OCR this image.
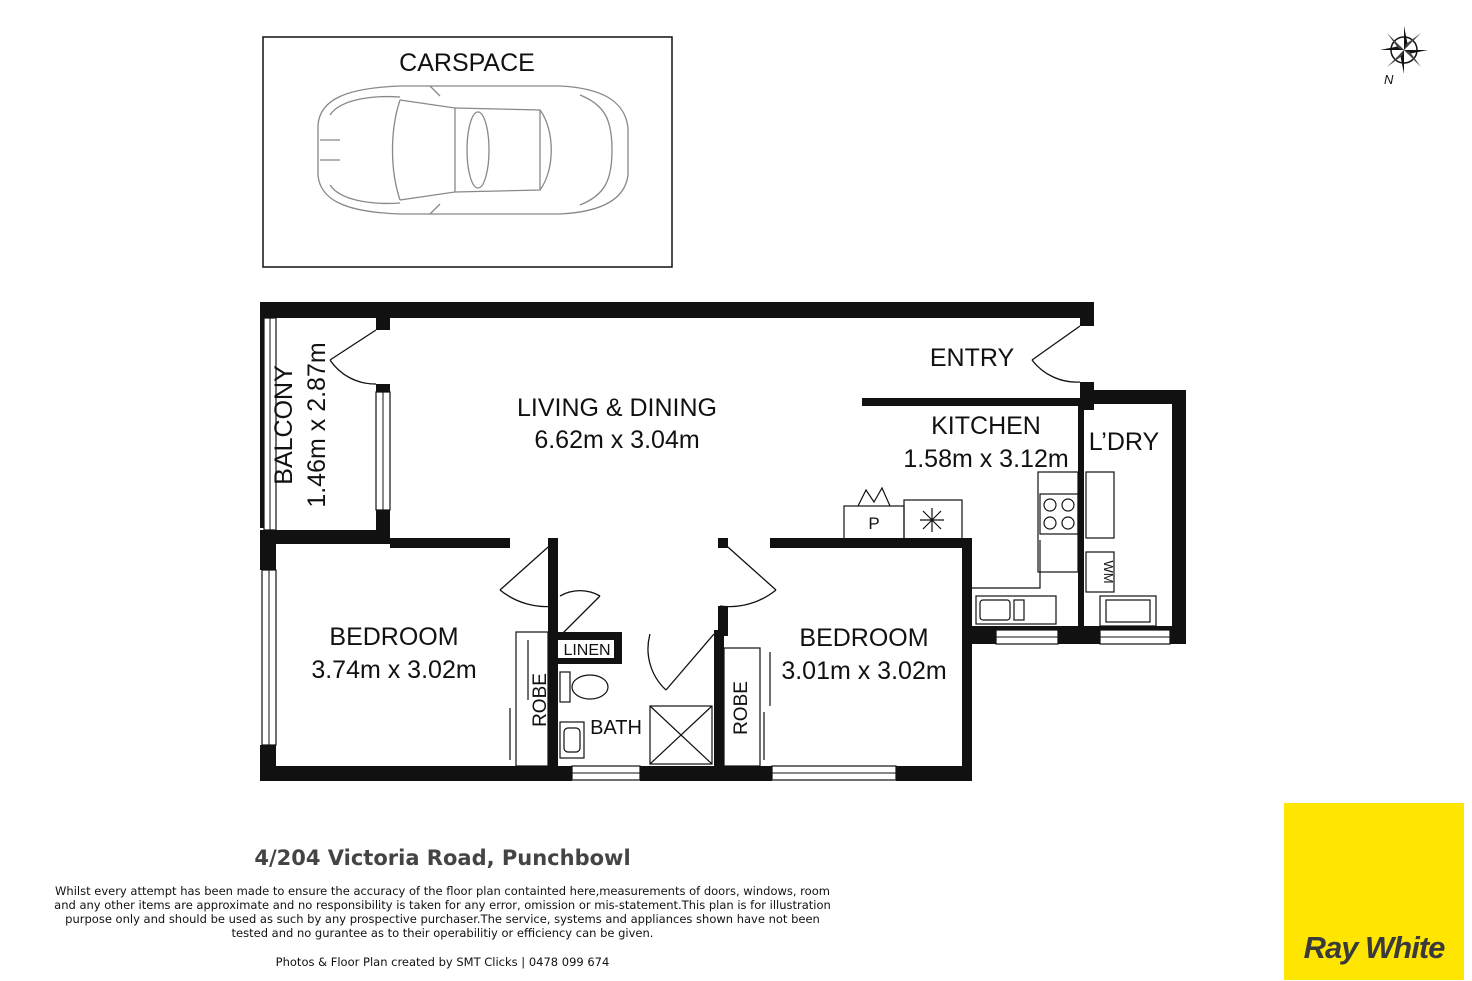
CARSPACE
N
LIVING & DINING
6.62m x 3.04m
ENTRY
KITCHEN
1.58m x 3.12m
L’DRY
BALCONY 1.46m x 2.87m
BEDROOM
3.74m x 3.02m
BEDROOM
3.01m x 3.02m
LINEN
BATH
ROBE	ROBE
P
WM
4/204 Victoria Road, Punchbowl
Whilst every attempt has been made to ensure the accuracy of the floor plan containted here,measurements of doors, windows, room
and any other items are approximate and no responsibility is taken for any error, omission or mis-statement.This plan is for illustration
purpose only and should be used as such by any prospective purchaser.The service, systems and appliances shown have not been
tested and no gurantee as to their operabilitiy or efficiency can be given.
Photos & Floor Plan created by SMT Clicks | 0478 099 674	Ray White
